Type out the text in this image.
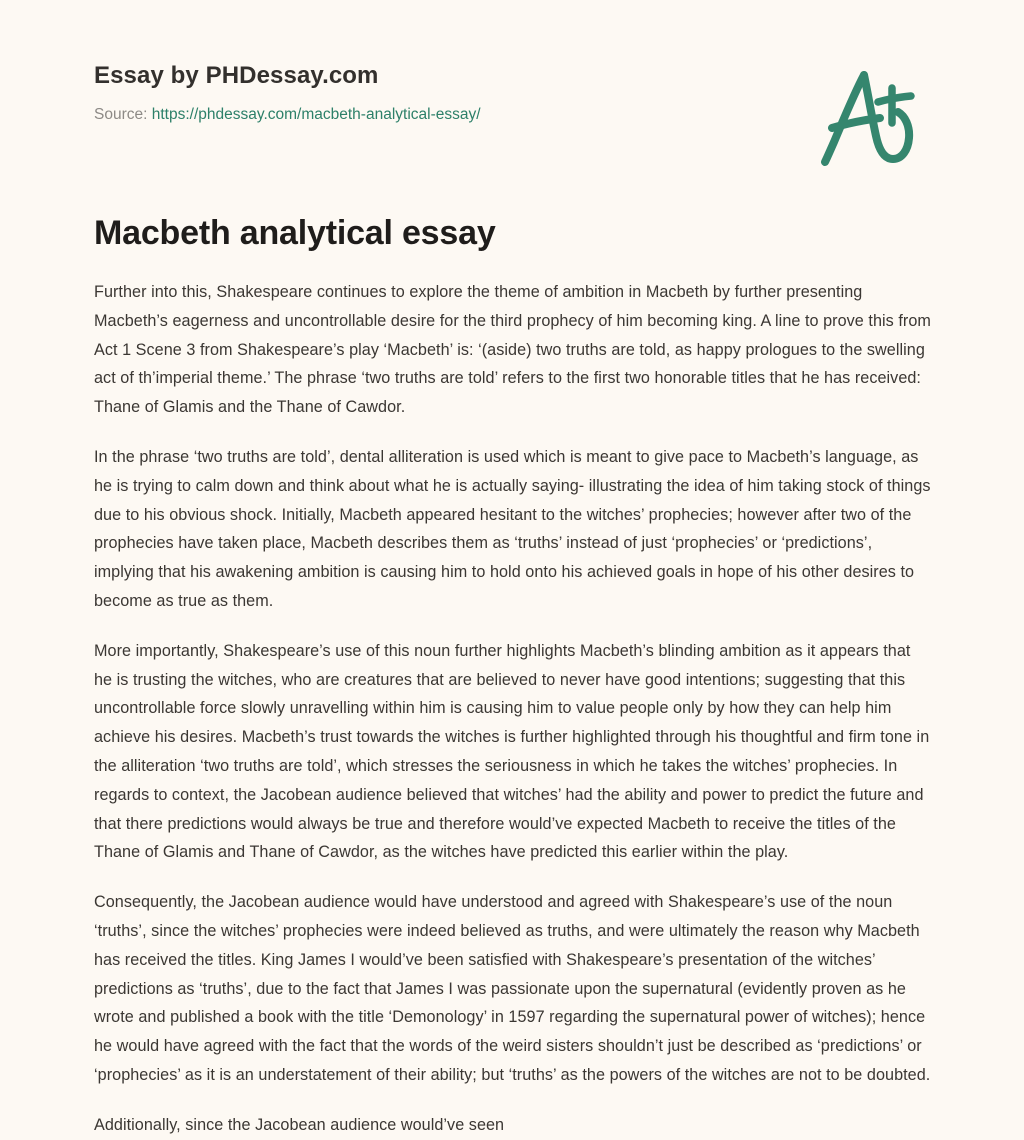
Essay by PHDessay.com
Source: https://phdessay.com/macbeth-analytical-essay/
Macbeth analytical essay

Further into this, Shakespeare continues to explore the theme of ambition in Macbeth by further presenting Macbeth’s eagerness and uncontrollable desire for the third prophecy of him becoming king. A line to prove this from Act 1 Scene 3 from Shakespeare’s play ‘Macbeth’ is: ‘(aside) two truths are told, as happy prologues to the swelling act of th’imperial theme.’ The phrase ‘two truths are told’ refers to the first two honorable titles that he has received: Thane of Glamis and the Thane of Cawdor.

In the phrase ‘two truths are told’, dental alliteration is used which is meant to give pace to Macbeth’s language, as he is trying to calm down and think about what he is actually saying- illustrating the idea of him taking stock of things due to his obvious shock. Initially, Macbeth appeared hesitant to the witches’ prophecies; however after two of the prophecies have taken place, Macbeth describes them as ‘truths’ instead of just ‘prophecies’ or ‘predictions’, implying that his awakening ambition is causing him to hold onto his achieved goals in hope of his other desires to become as true as them.

More importantly, Shakespeare’s use of this noun further highlights Macbeth’s blinding ambition as it appears that he is trusting the witches, who are creatures that are believed to never have good intentions; suggesting that this uncontrollable force slowly unravelling within him is causing him to value people only by how they can help him achieve his desires. Macbeth’s trust towards the witches is further highlighted through his thoughtful and firm tone in the alliteration ‘two truths are told’, which stresses the seriousness in which he takes the witches’ prophecies. In regards to context, the Jacobean audience believed that witches’ had the ability and power to predict the future and that there predictions would always be true and therefore would’ve expected Macbeth to receive the titles of the Thane of Glamis and Thane of Cawdor, as the witches have predicted this earlier within the play.

Consequently, the Jacobean audience would have understood and agreed with Shakespeare’s use of the noun ‘truths’, since the witches’ prophecies were indeed believed as truths, and were ultimately the reason why Macbeth has received the titles. King James I would’ve been satisfied with Shakespeare’s presentation of the witches’ predictions as ‘truths’, due to the fact that James I was passionate upon the supernatural (evidently proven as he wrote and published a book with the title ‘Demonology’ in 1597 regarding the supernatural power of witches); hence he would have agreed with the fact that the words of the weird sisters shouldn’t just be described as ‘predictions’ or ‘prophecies’ as it is an understatement of their ability; but ‘truths’ as the powers of the witches are not to be doubted.

Additionally, since the Jacobean audience would’ve seen
